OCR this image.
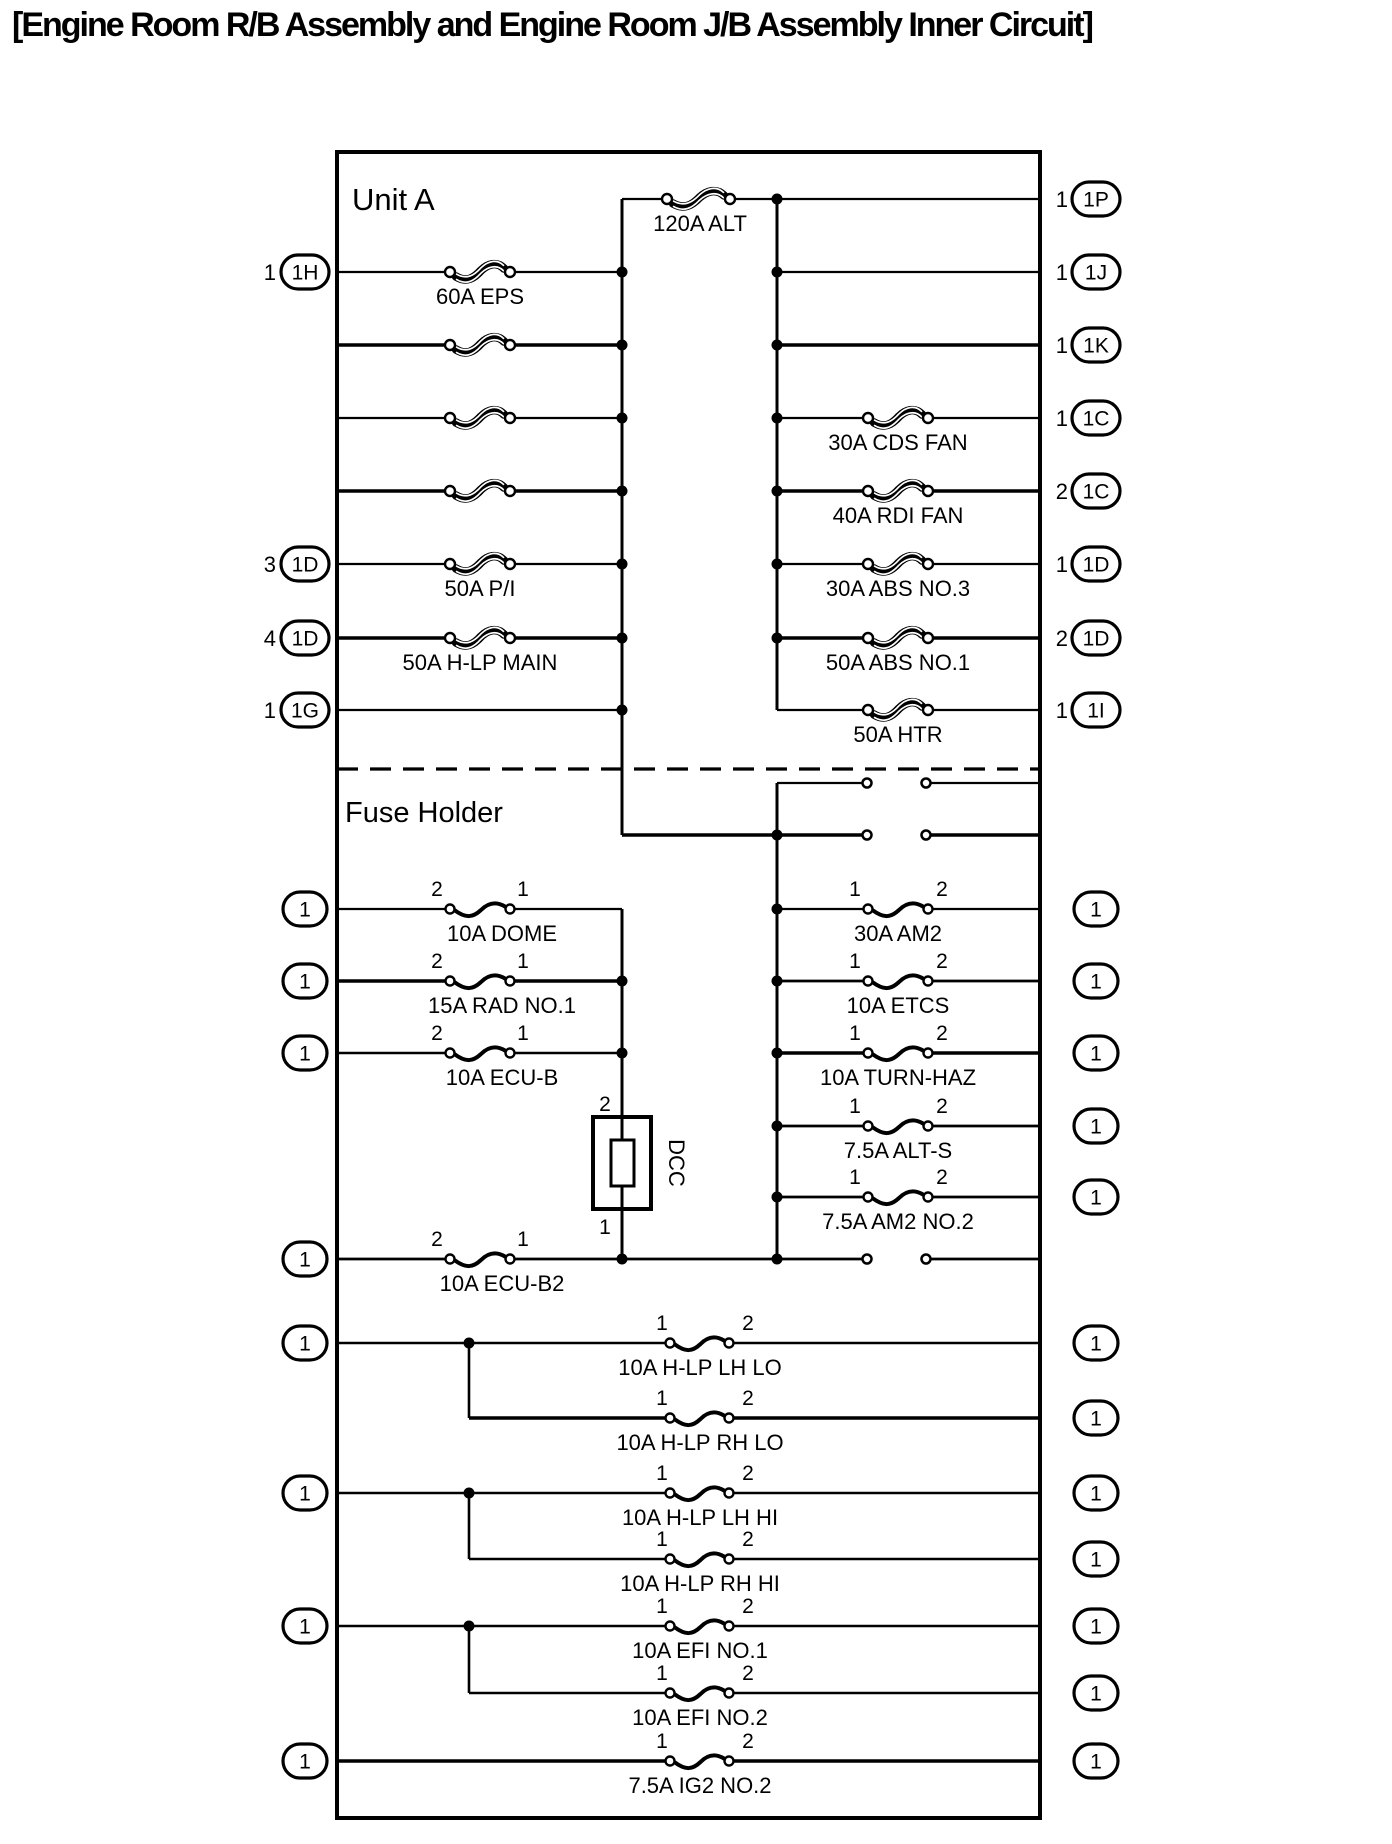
[Engine Room R/B Assembly and Engine Room J/B Assembly Inner Circuit]
Unit A
Fuse Holder
120A ALT
1 1P
60A EPS
1 1H
50A P/I
3 1D
50A H-LP MAIN
4 1D
1 1G
1 1J
1 1K
30A CDS FAN
1 1C
40A RDI FAN
2 1C
30A ABS NO.3
1 1D
50A ABS NO.1
2 1D
50A HTR
1 1I
2	1
10A DOME
1
2	1
15A RAD NO.1
1
2	1
10A ECU-B
1
2
1
DCC
1	2
30A AM2
1
1	2
10A ETCS
1
1	2
10A TURN-HAZ
1
1	2
7.5A ALT-S
1
1	2
7.5A AM2 NO.2
1
2	1
10A ECU-B2
1
1	2
10A H-LP LH LO
1	1
1	2
10A H-LP RH LO
1
1	2
10A H-LP LH HI
1	1
1	2
10A H-LP RH HI
1
1	2
10A EFI NO.1
1	1
1	2
10A EFI NO.2
1
1	2
7.5A IG2 NO.2
1	1
